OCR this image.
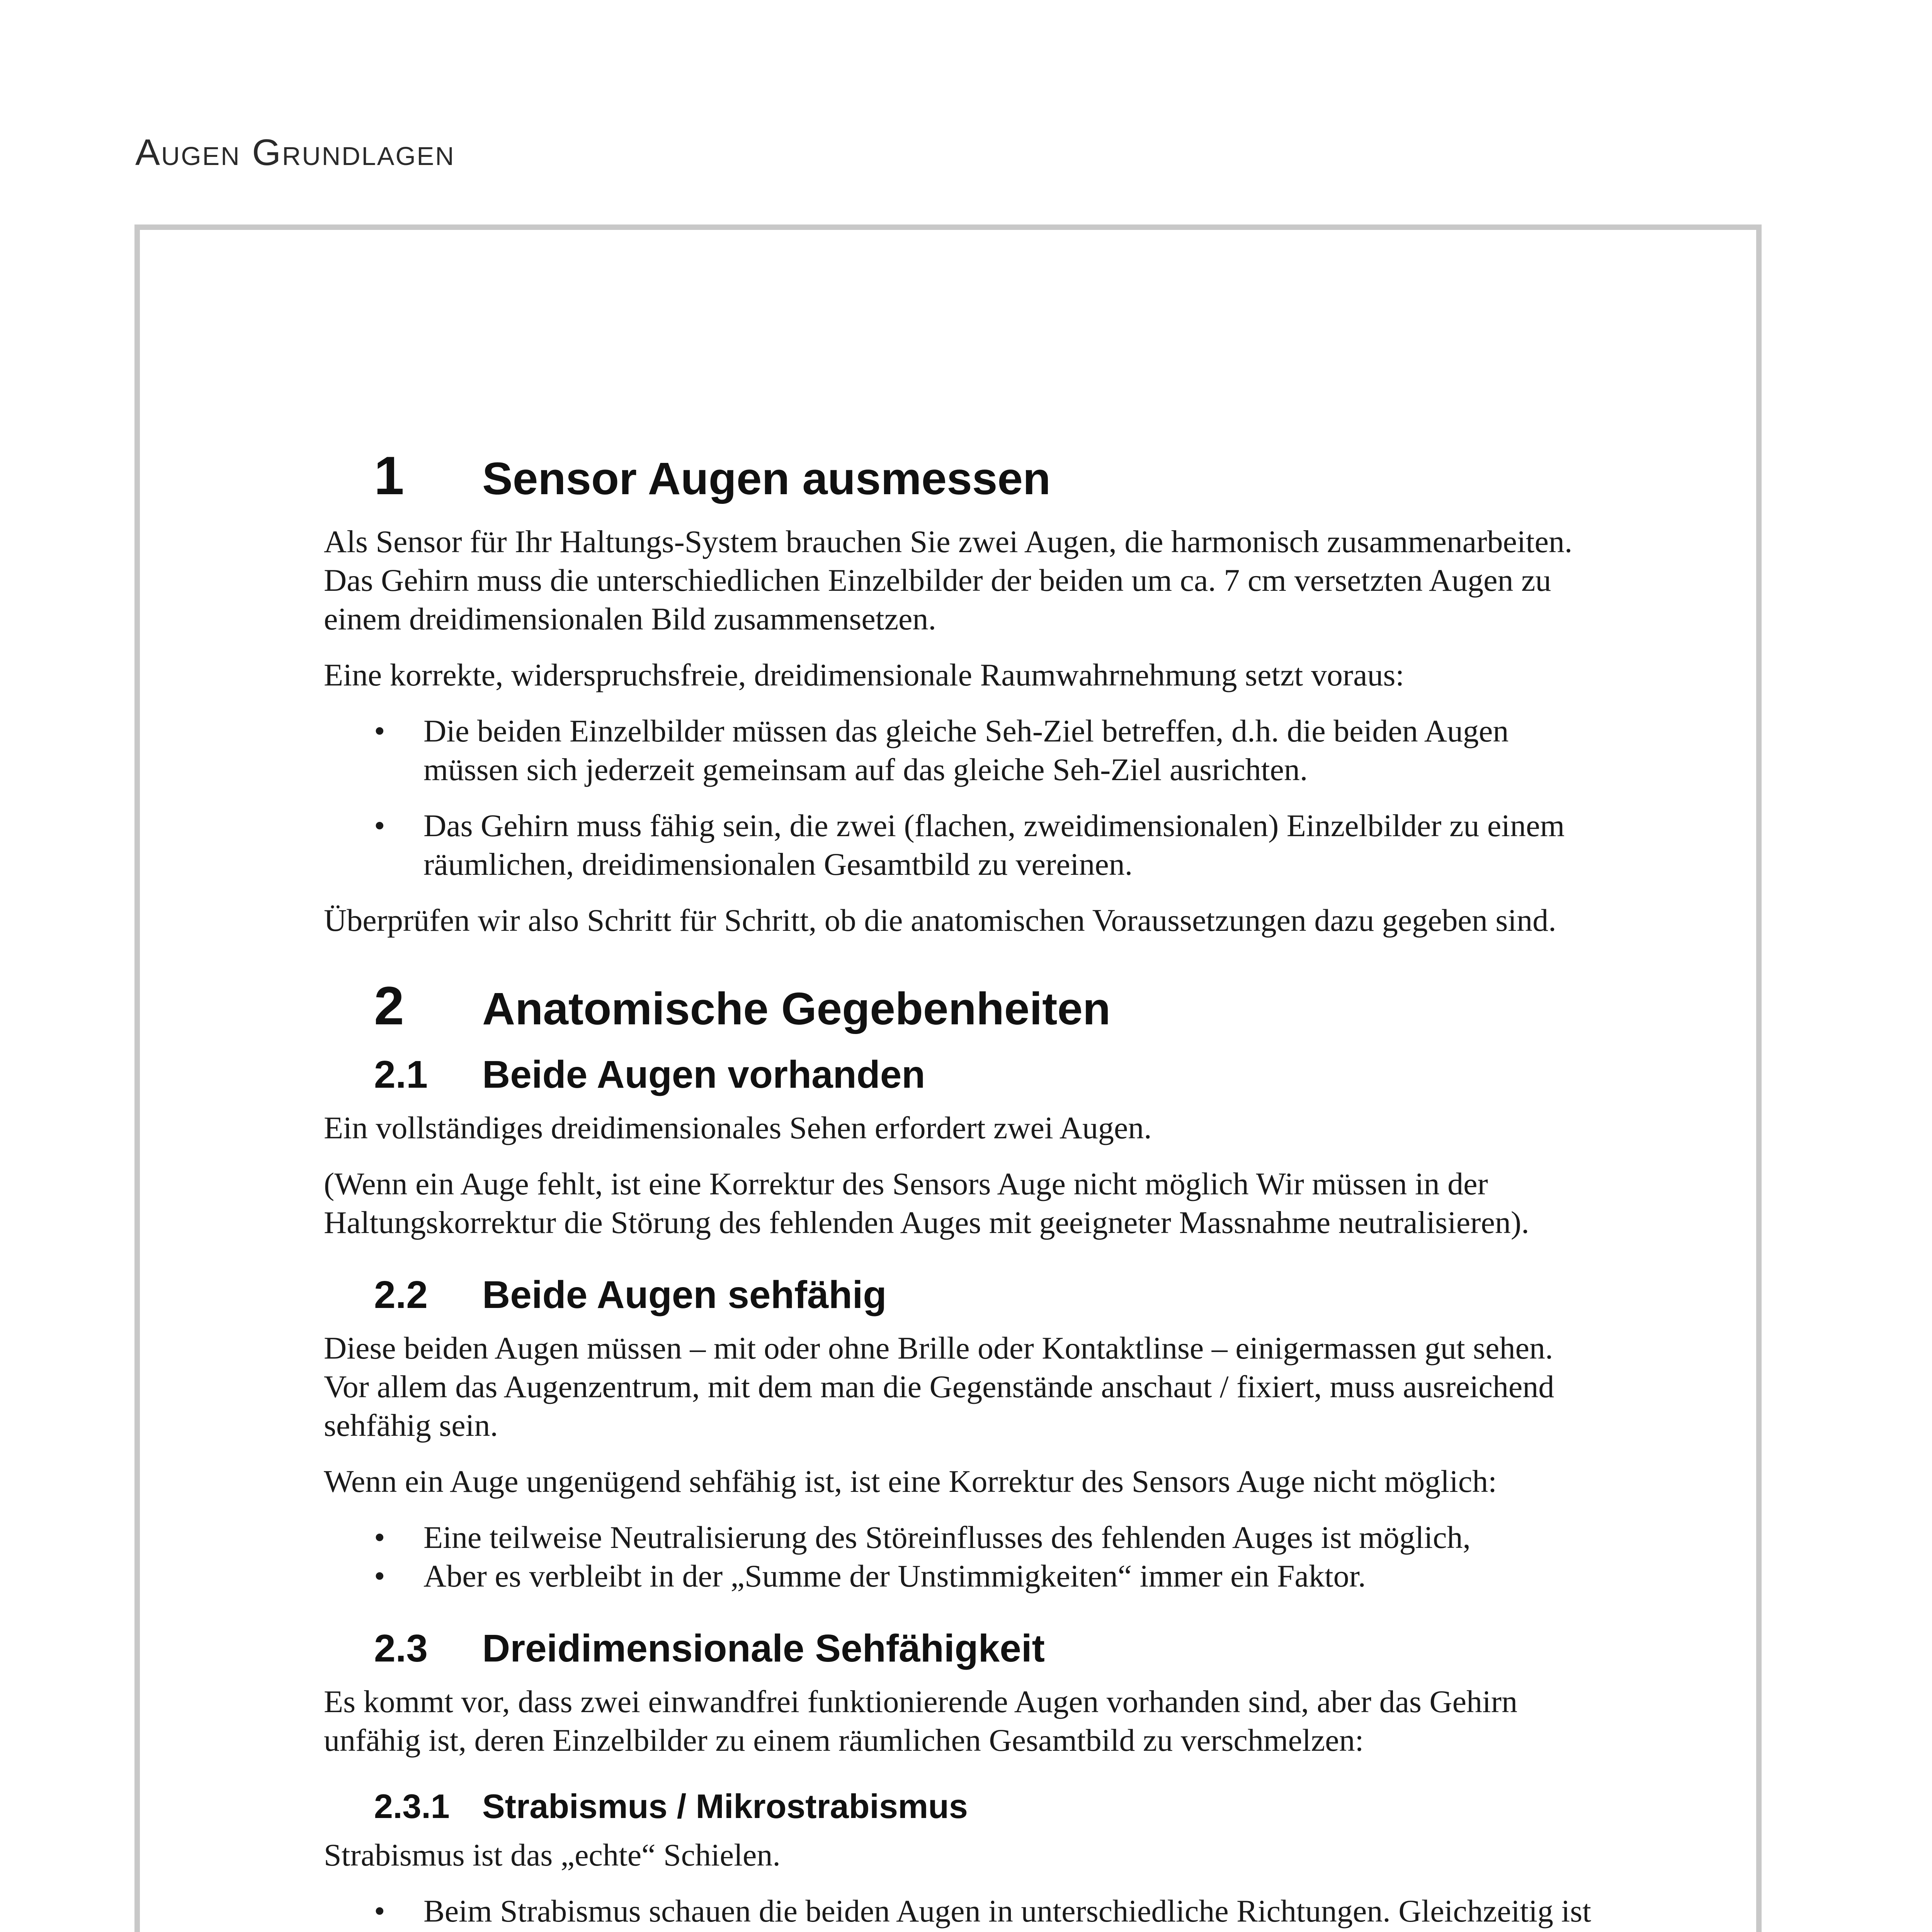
Augen Grundlagen
1	Sensor Augen ausmessen

Als Sensor für Ihr Haltungs-System brauchen Sie zwei Augen, die harmonisch zusammenarbeiten. Das Gehirn muss die unterschiedlichen Einzelbilder der beiden um ca. 7 cm versetzten Augen zu einem dreidimensionalen Bild zusammensetzen.

Eine korrekte, widerspruchsfreie, dreidimensionale Raumwahrnehmung setzt voraus:

• Die beiden Einzelbilder müssen das gleiche Seh-Ziel betreffen, d.h. die beiden Augen müssen sich jederzeit gemeinsam auf das gleiche Seh-Ziel ausrichten.
• Das Gehirn muss fähig sein, die zwei (flachen, zweidimensionalen) Einzelbilder zu einem räumlichen, dreidimensionalen Gesamtbild zu vereinen.

Überprüfen wir also Schritt für Schritt, ob die anatomischen Voraussetzungen dazu gegeben sind.

2	Anatomische Gegebenheiten
2.1	Beide Augen vorhanden

Ein vollständiges dreidimensionales Sehen erfordert zwei Augen.

(Wenn ein Auge fehlt, ist eine Korrektur des Sensors Auge nicht möglich Wir müssen in der Haltungskorrektur die Störung des fehlenden Auges mit geeigneter Massnahme neutralisieren).

2.2	Beide Augen sehfähig

Diese beiden Augen müssen – mit oder ohne Brille oder Kontaktlinse – einigermassen gut sehen. Vor allem das Augenzentrum, mit dem man die Gegenstände anschaut / fixiert, muss ausreichend sehfähig sein.

Wenn ein Auge ungenügend sehfähig ist, ist eine Korrektur des Sensors Auge nicht möglich:

• Eine teilweise Neutralisierung des Störeinflusses des fehlenden Auges ist möglich,
• Aber es verbleibt in der „Summe der Unstimmigkeiten“ immer ein Faktor.
2.3	Dreidimensionale Sehfähigkeit

Es kommt vor, dass zwei einwandfrei funktionierende Augen vorhanden sind, aber das Gehirn unfähig ist, deren Einzelbilder zu einem räumlichen Gesamtbild zu verschmelzen:

2.3.1 Strabismus / Mikrostrabismus

Strabismus ist das „echte“ Schielen.

• Beim Strabismus schauen die beiden Augen in unterschiedliche Richtungen. Gleichzeitig ist
